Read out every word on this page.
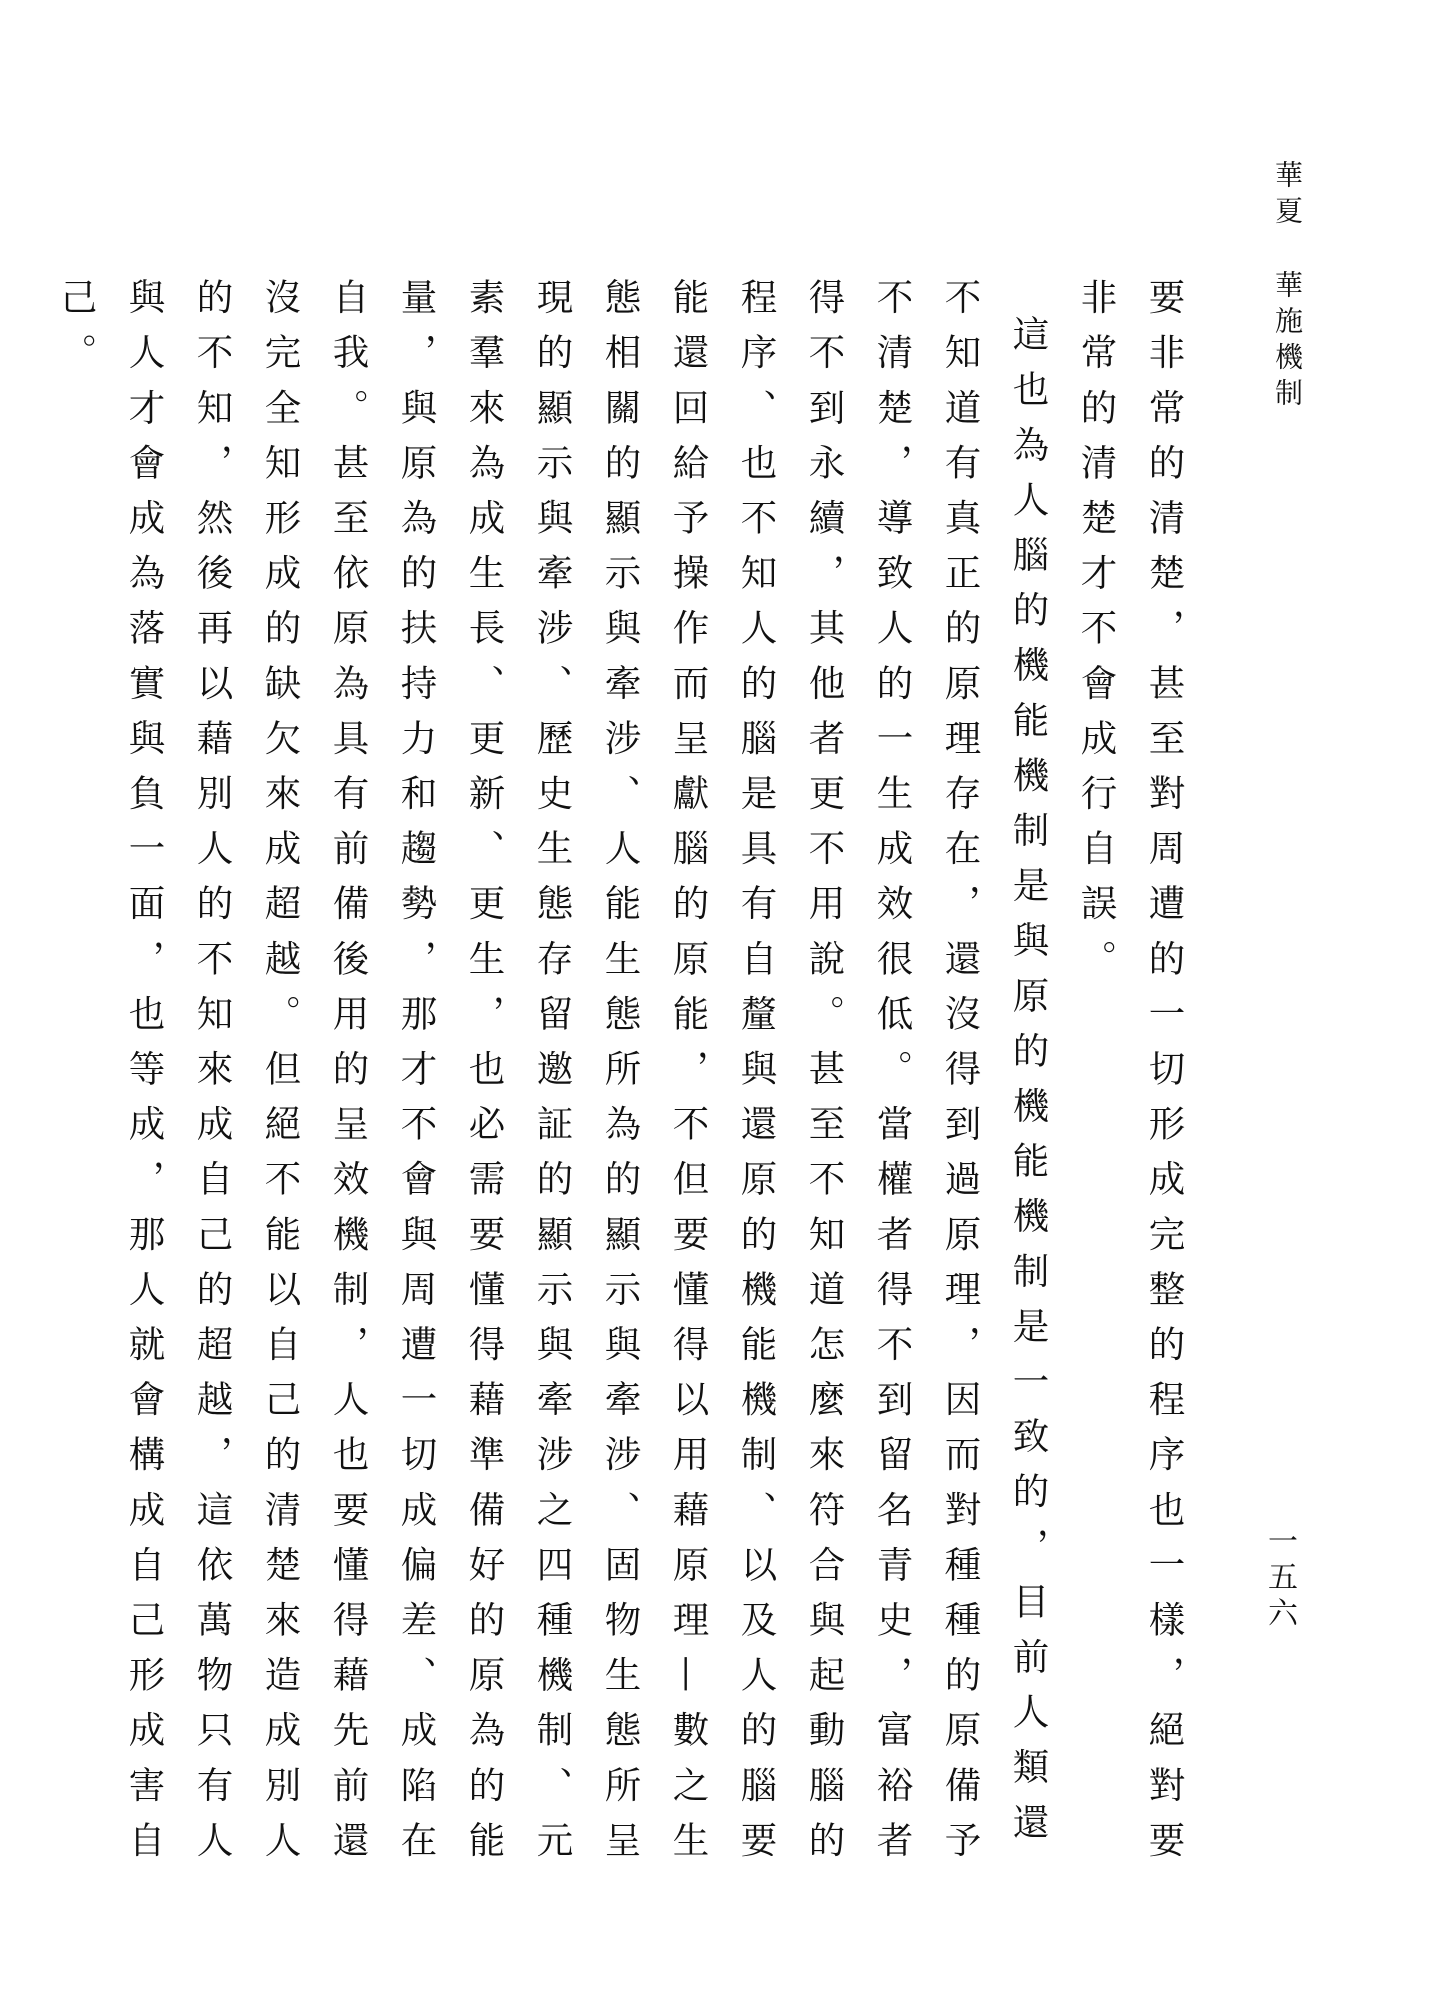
華夏華施機制
一五六

要非常的清楚，甚至對周遭的一切形成完整的程序也一樣，絕對要非常的清楚才不會成行自誤。

這也為人腦的機能機制是與原的機能機制是一致的，目前人類還不知道有真正的原理存在，還沒得到過原理，因而對種種的原備予不清楚，導致人的一生成效很低。當權者得不到留名青史，富裕者得不到永續，其他者更不用說。甚至不知道怎麼來符合與起動腦的程序、也不知人的腦是具有自釐與還原的機能機制、以及人的腦要能還回給予操作而呈獻腦的原能，不但要懂得以用藉原理—數之生態相關的顯示與牽涉、人能生態所為的顯示與牽涉、固物生態所呈現的顯示與牽涉、歷史生態存留邀証的顯示與牽涉之四種機制、元素羣來為成生長、更新、更生，也必需要懂得藉準備好的原為的能量，與原為的扶持力和趨勢，那才不會與周遭一切成偏差、成陷在自我。甚至依原為具有前備後用的呈效機制，人也要懂得藉先前還沒完全知形成的缺欠來成超越。但絕不能以自己的清楚來造成別人的不知，然後再以藉別人的不知來成自己的超越，這依萬物只有人與人才會成為落實與負一面，也等成，那人就會構成自己形成害自己。
